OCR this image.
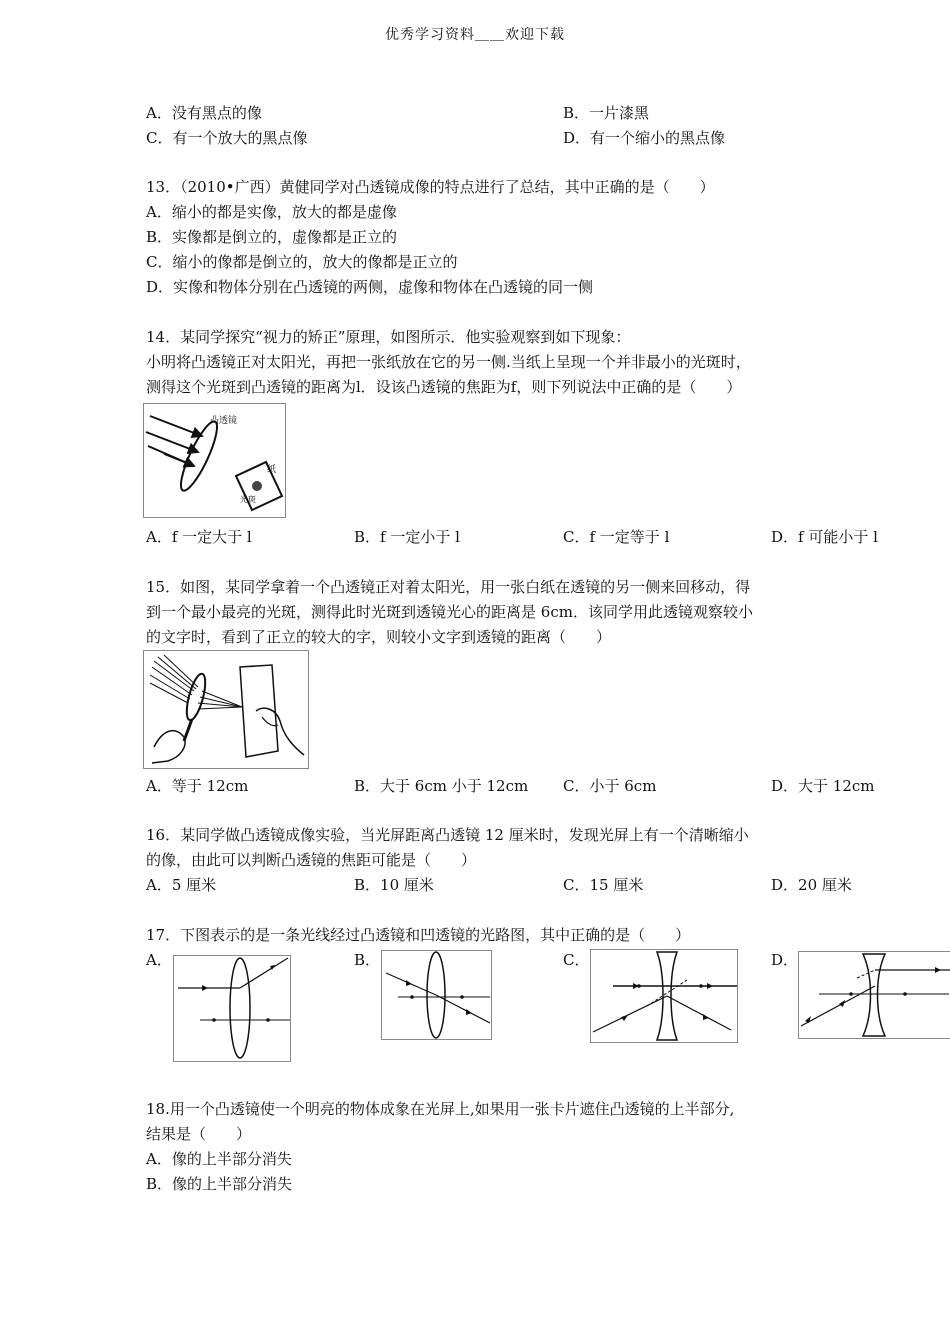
优秀学习资料＿＿欢迎下载
A．没有黑点的像	B．一片漆黑
C．有一个放大的黑点像	D．有一个缩小的黑点像
13．（2010•广西）黄健同学对凸透镜成像的特点进行了总结，其中正确的是（　　）
A．缩小的都是实像，放大的都是虚像
B．实像都是倒立的，虚像都是正立的
C．缩小的像都是倒立的，放大的像都是正立的
D．实像和物体分别在凸透镜的两侧，虚像和物体在凸透镜的同一侧
14．某同学探究“视力的矫正”原理，如图所示．他实验观察到如下现象：
小明将凸透镜正对太阳光，再把一张纸放在它的另一侧.当纸上呈现一个并非最小的光斑时，
测得这个光斑到凸透镜的距离为l．设该凸透镜的焦距为f，则下列说法中正确的是（　　）
凸透镜
纸
光斑
A．f 一定大于 l	B．f 一定小于 l	C．f 一定等于 l	D．f 可能小于 l
15．如图，某同学拿着一个凸透镜正对着太阳光，用一张白纸在透镜的另一侧来回移动，得
到一个最小最亮的光斑，测得此时光斑到透镜光心的距离是 6cm．该同学用此透镜观察较小
的文字时，看到了正立的较大的字，则较小文字到透镜的距离（　　）
A．等于 12cm	B．大于 6cm 小于 12cm C．小于 6cm	D．大于 12cm
16．某同学做凸透镜成像实验，当光屏距离凸透镜 12 厘米时，发现光屏上有一个清晰缩小
的像，由此可以判断凸透镜的焦距可能是（　　）
A．5 厘米	B．10 厘米	C．15 厘米	D．20 厘米
17．下图表示的是一条光线经过凸透镜和凹透镜的光路图，其中正确的是（　　）
A．	B．	C．	D．
18.用一个凸透镜使一个明亮的物体成象在光屏上,如果用一张卡片遮住凸透镜的上半部分,
结果是（　　）
A．像的上半部分消失
B．像的上半部分消失
